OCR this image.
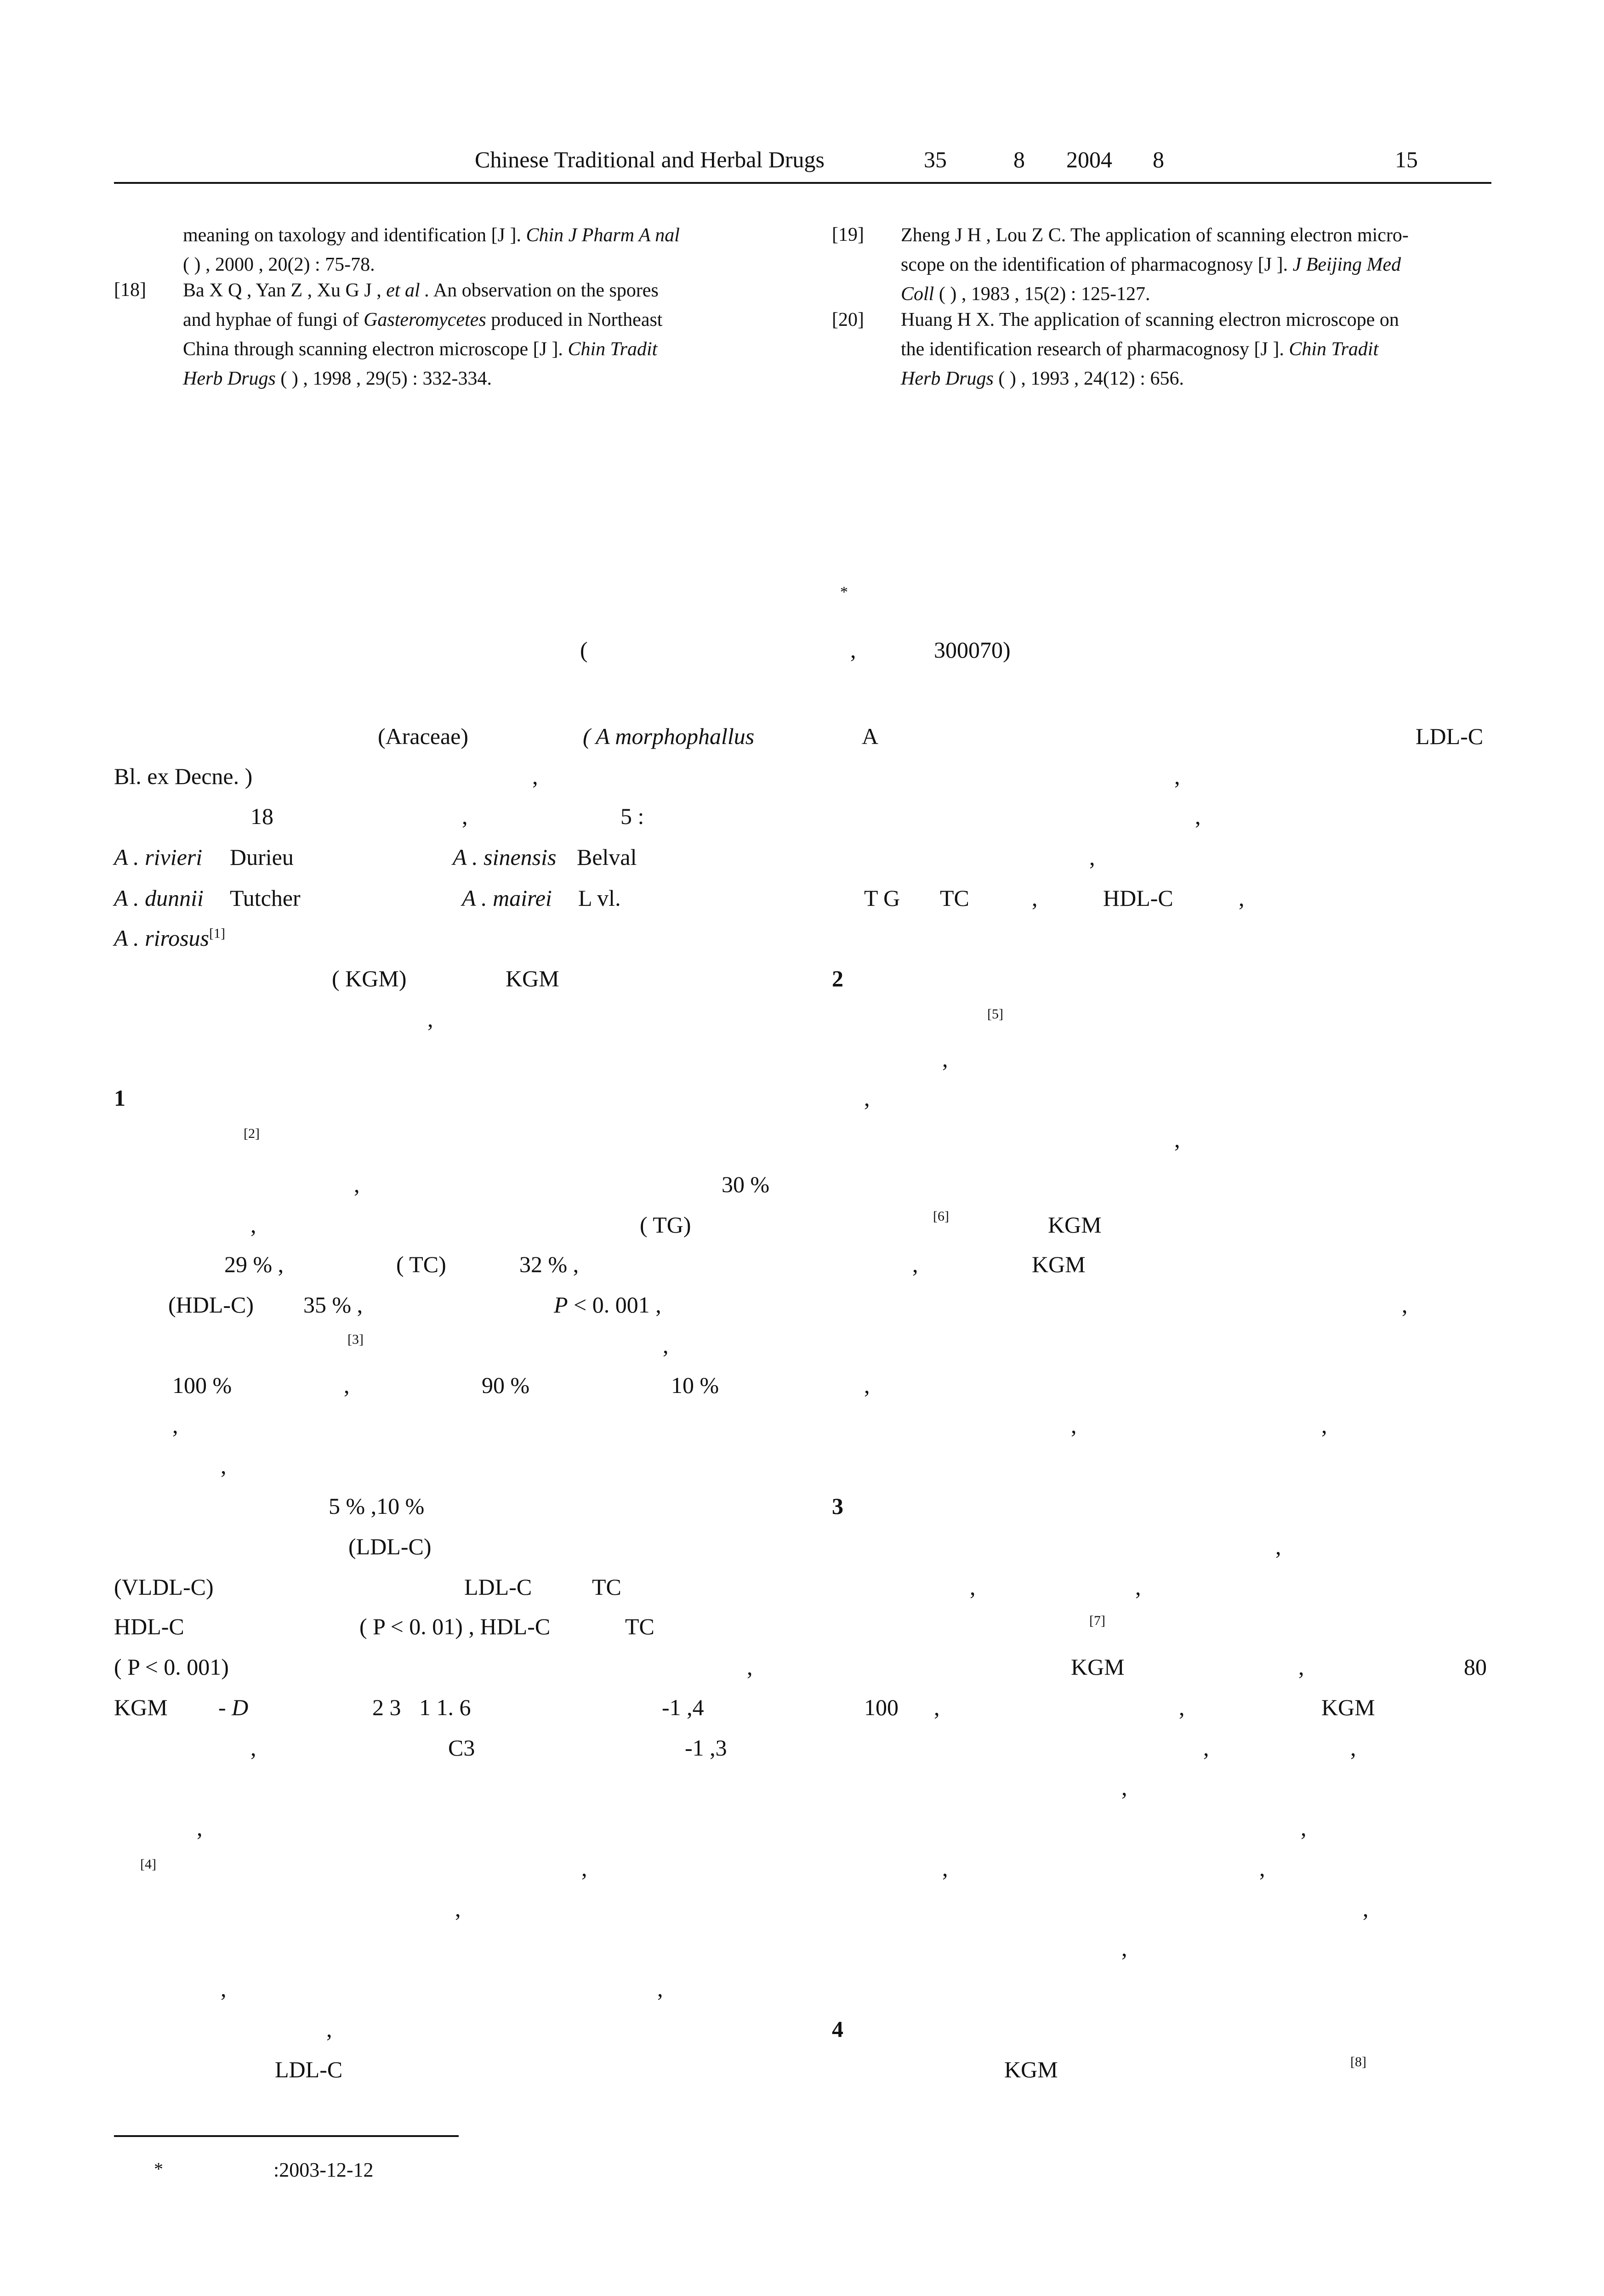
Chinese Traditional and Herbal Drugs	35	8 2004 8	15
meaning on taxology and identification [J ]. Chin J Pharm A nal
( ) , 2000 , 20(2) : 75-78.
[18] Ba X Q , Yan Z , Xu G J , et al . An observation on the spores
and hyphae of fungi of Gasteromycetes produced in Northeast
China through scanning electron microscope [J ]. Chin Tradit
Herb Drugs ( ) , 1998 , 29(5) : 332-334.
[19] Zheng J H , Lou Z C. The application of scanning electron micro-
scope on the identification of pharmacognosy [J ]. J Beijing Med
Coll ( ) , 1983 , 15(2) : 125-127.
[20] Huang H X. The application of scanning electron microscope on
the identification research of pharmacognosy [J ]. Chin Tradit
Herb Drugs ( ) , 1993 , 24(12) : 656.
*
(	,	300070)
(Araceae)	( A morphophallus
Bl. ex Decne. )	,
18	,	5 :
A . rivieri Durieu	A . sinensis Belval
A . dunnii Tutcher	A . mairei L vl.
A . rirosus[1]
( KGM)	KGM
,
1
[2]
,	30 %
,	( TG)
29 % ,	( TC)	32 % ,
(HDL-C) 35 % ,	P < 0. 001 ,
[3]	,
100 %	,	90 %	10 %
,
,
5 % ,10 %
(LDL-C)
(VLDL-C)	LDL-C	TC
HDL-C	( P < 0. 01) , HDL-C	TC
( P < 0. 001)	,
KGM - D	2 3 1 1. 6	-1 ,4
,	C3	-1 ,3
,
[4]	,
,
,	,
,
LDL-C
A	LDL-C
,
,
,
T G TC	,	HDL-C	,
2
[5]
,
,
,
[6]	KGM
,	KGM
,
,
,	,
3
,
,	,
[7]
KGM	,	80
100 ,	,	KGM
,	,
,
,
,	,
,
,
4
KGM	[8]
*	:2003-12-12
